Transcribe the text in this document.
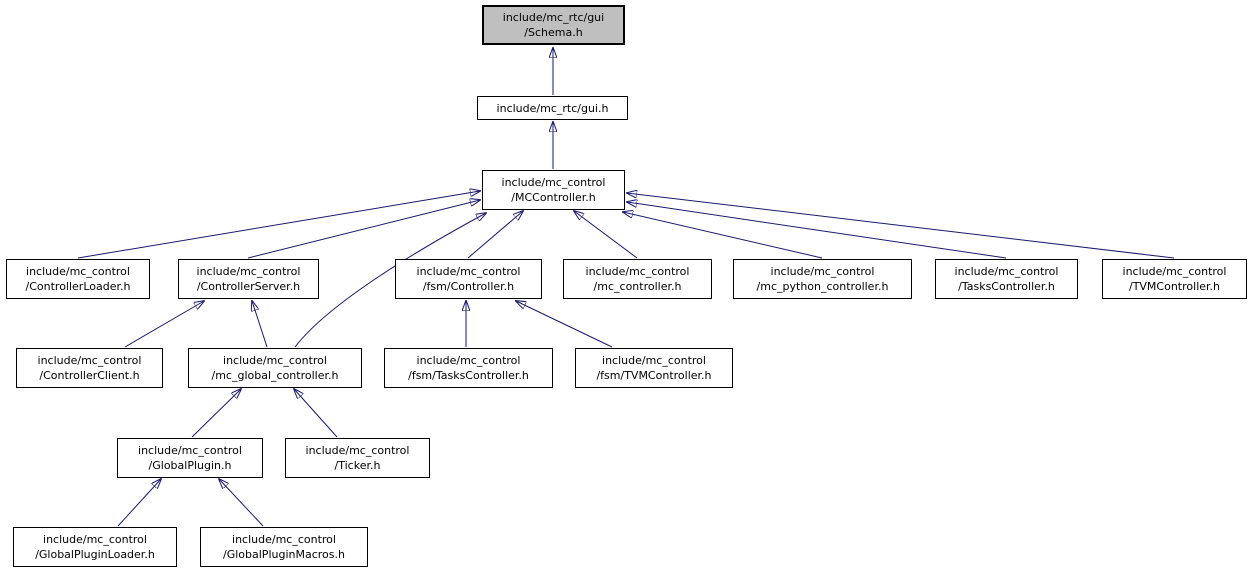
include/mc_rtc/gui
/Schema.h
include/mc_rtc/gui.h
include/mc_control
/MCController.h
include/mc_control
/ControllerLoader.h
include/mc_control
/ControllerServer.h
include/mc_control
/fsm/Controller.h
include/mc_control
/mc_controller.h
include/mc_control
/mc_python_controller.h
include/mc_control
/TasksController.h
include/mc_control
/TVMController.h
include/mc_control
/ControllerClient.h
include/mc_control
/mc_global_controller.h
include/mc_control
/fsm/TasksController.h
include/mc_control
/fsm/TVMController.h
include/mc_control
/GlobalPlugin.h
include/mc_control
/Ticker.h
include/mc_control
/GlobalPluginLoader.h
include/mc_control
/GlobalPluginMacros.h
